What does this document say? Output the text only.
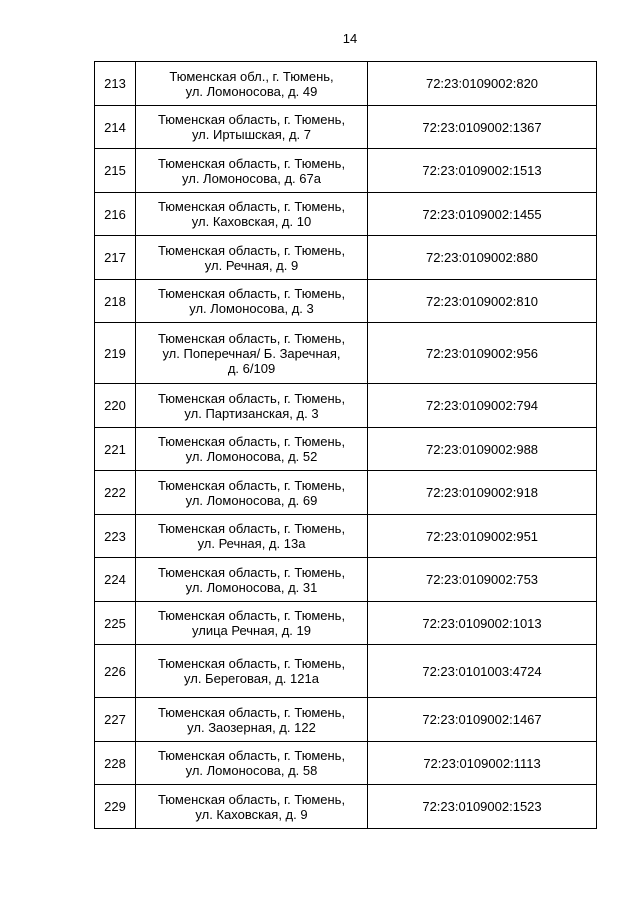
14
213	Тюменская обл., г. Тюмень,
ул. Ломоносова, д. 49	72:23:0109002:820
214	Тюменская область, г. Тюмень,
ул. Иртышская, д. 7	72:23:0109002:1367
215	Тюменская область, г. Тюмень,
ул. Ломоносова, д. 67а	72:23:0109002:1513
216	Тюменская область, г. Тюмень,
ул. Каховская, д. 10	72:23:0109002:1455
217	Тюменская область, г. Тюмень,
ул. Речная, д. 9	72:23:0109002:880
218	Тюменская область, г. Тюмень,
ул. Ломоносова, д. 3	72:23:0109002:810
219	Тюменская область, г. Тюмень,
ул. Поперечная/ Б. Заречная,
д. 6/109	72:23:0109002:956
220	Тюменская область, г. Тюмень,
ул. Партизанская, д. 3	72:23:0109002:794
221	Тюменская область, г. Тюмень,
ул. Ломоносова, д. 52	72:23:0109002:988
222	Тюменская область, г. Тюмень,
ул. Ломоносова, д. 69	72:23:0109002:918
223	Тюменская область, г. Тюмень,
ул. Речная, д. 13а	72:23:0109002:951
224	Тюменская область, г. Тюмень,
ул. Ломоносова, д. 31	72:23:0109002:753
225	Тюменская область, г. Тюмень,
улица Речная, д. 19	72:23:0109002:1013
226	Тюменская область, г. Тюмень,
ул. Береговая, д. 121а	72:23:0101003:4724
227	Тюменская область, г. Тюмень,
ул. Заозерная, д. 122	72:23:0109002:1467
228	Тюменская область, г. Тюмень,
ул. Ломоносова, д. 58	72:23:0109002:1113
229	Тюменская область, г. Тюмень,
ул. Каховская, д. 9	72:23:0109002:1523
